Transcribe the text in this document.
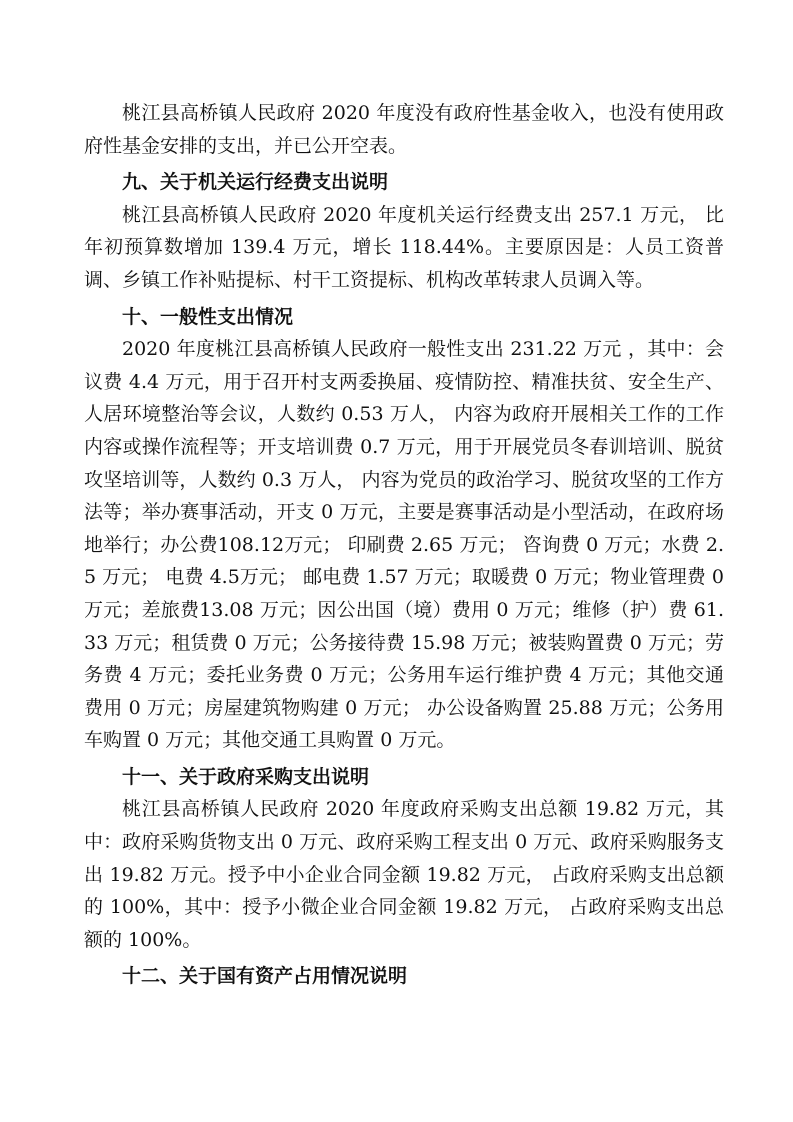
桃江县高桥镇人民政府 2020 年度没有政府性基金收入，也没有使用政府性基金安排的支出，并已公开空表。

九、关于机关运行经费支出说明

桃江县高桥镇人民政府 2020 年度机关运行经费支出 257.1 万元， 比年初预算数增加 139.4 万元，增长 118.44%。主要原因是：人员工资普调、乡镇工作补贴提标、村干工资提标、机构改革转隶人员调入等。

十、一般性支出情况

2020 年度桃江县高桥镇人民政府一般性支出 231.22 万元 ，其中：会议费 4.4 万元，用于召开村支两委换届、疫情防控、精准扶贫、安全生产、人居环境整治等会议，人数约 0.53 万人， 内容为政府开展相关工作的工作内容或操作流程等；开支培训费 0.7 万元，用于开展党员冬春训培训、脱贫攻坚培训等，人数约 0.3 万人， 内容为党员的政治学习、脱贫攻坚的工作方法等；举办赛事活动，开支 0 万元，主要是赛事活动是小型活动，在政府场地举行；办公费108.12万元； 印刷费 2.65 万元； 咨询费 0 万元；水费 2.5 万元； 电费 4.5万元； 邮电费 1.57 万元；取暖费 0 万元；物业管理费 0 万元；差旅费13.08 万元；因公出国（境）费用 0 万元；维修（护）费 61.33 万元；租赁费 0 万元；公务接待费 15.98 万元；被装购置费 0 万元；劳务费 4 万元；委托业务费 0 万元；公务用车运行维护费 4 万元；其他交通费用 0 万元；房屋建筑物购建 0 万元； 办公设备购置 25.88 万元；公务用车购置 0 万元；其他交通工具购置 0 万元。

十一、关于政府采购支出说明

桃江县高桥镇人民政府 2020 年度政府采购支出总额 19.82 万元，其中：政府采购货物支出 0 万元、政府采购工程支出 0 万元、政府采购服务支出 19.82 万元。授予中小企业合同金额 19.82 万元， 占政府采购支出总额的 100%，其中：授予小微企业合同金额 19.82 万元， 占政府采购支出总额的 100%。

十二、关于国有资产占用情况说明
